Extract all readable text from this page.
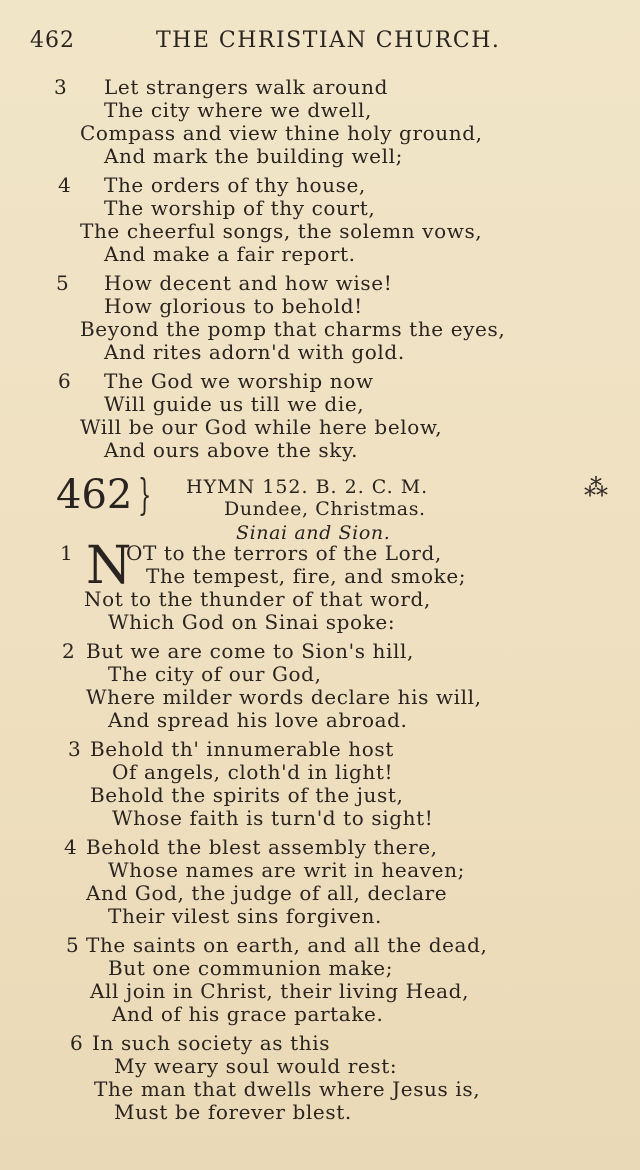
462	THE CHRISTIAN CHURCH.
3 Let strangers walk around
The city where we dwell,
Compass and view thine holy ground,
And mark the building well;
4 The orders of thy house,
The worship of thy court,
The cheerful songs, the solemn vows,
And make a fair report.
5 How decent and how wise!
How glorious to behold!
Beyond the pomp that charms the eyes,
And rites adorn'd with gold.
6 The God we worship now
Will guide us till we die,
Will be our God while here below,
And ours above the sky.
462 } HYMN 152. B. 2. C. M.
Dundee, Christmas.
Sinai and Sion.
⁂
N
1	OT to the terrors of the Lord,
The tempest, fire, and smoke;
Not to the thunder of that word,
Which God on Sinai spoke:
2 But we are come to Sion's hill,
The city of our God,
Where milder words declare his will,
And spread his love abroad.
3 Behold th' innumerable host
Of angels, cloth'd in light!
Behold the spirits of the just,
Whose faith is turn'd to sight!
4 Behold the blest assembly there,
Whose names are writ in heaven;
And God, the judge of all, declare
Their vilest sins forgiven.
5 The saints on earth, and all the dead,
But one communion make;
All join in Christ, their living Head,
And of his grace partake.
6 In such society as this
My weary soul would rest:
The man that dwells where Jesus is,
Must be forever blest.
